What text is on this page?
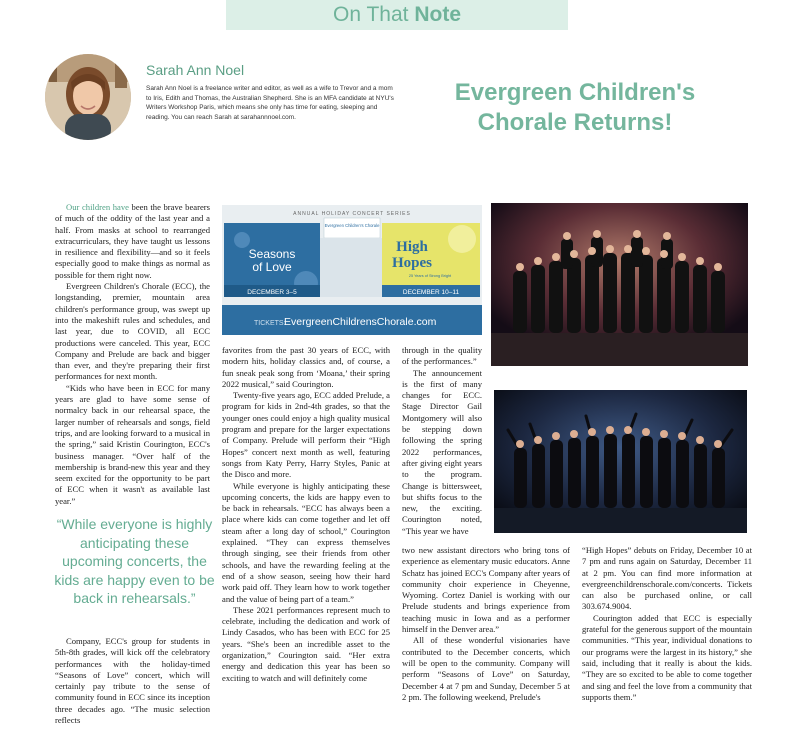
On That Note
Sarah Ann Noel
Sarah Ann Noel is a freelance writer and editor, as well as a wife to Trevor and a mom to Iris, Edith and Thomas, the Australian Shepherd. She is an MFA candidate at NYU's Writers Workshop Paris, which means she only has time for eating, sleeping and reading. You can reach Sarah at sarahannnoel.com.
Evergreen Children's Chorale Returns!

Our children have been the brave bearers of much of the oddity of the last year and a half. From masks at school to rearranged extracurriculars, they have taught us lessons in resilience and flexibility—and so it feels especially good to make things as normal as possible for them right now.

Evergreen Children's Chorale (ECC), the longstanding, premier, mountain area children's performance group, was swept up into the makeshift rules and schedules, and last year, due to COVID, all ECC productions were canceled. This year, ECC Company and Prelude are back and bigger than ever, and they're preparing their first performances for next month.

“Kids who have been in ECC for many years are glad to have some sense of normalcy back in our rehearsal space, the larger number of rehearsals and songs, field trips, and are looking forward to a musical in the spring,” said Kristin Courington, ECC's business manager. “Over half of the membership is brand-new this year and they seem excited for the opportunity to be part of ECC when it wasn't as available last year.”

“While everyone is highly anticipating these upcoming concerts, the kids are happy even to be back in rehearsals.”

Company, ECC's group for students in 5th-8th grades, will kick off the celebratory performances with the holiday-timed “Seasons of Love” concert, which will certainly pay tribute to the sense of community found in ECC since its inception three decades ago. “The music selection reflects

ANNUAL HOLIDAY CONCERT SERIES
Evergreen Children's Chorale
Seasons
of Love
DECEMBER 3–5
High
Hopes
25 Years of Strong Bright
DECEMBER 10–11
TICKETS:
EvergreenChildrensChorale.com

favorites from the past 30 years of ECC, with modern hits, holiday classics and, of course, a fun sneak peak song from ‘Moana,’ their spring 2022 musical,” said Courington.

Twenty-five years ago, ECC added Prelude, a program for kids in 2nd-4th grades, so that the younger ones could enjoy a high quality musical program and prepare for the larger expectations of Company. Prelude will perform their “High Hopes” concert next month as well, featuring songs from Katy Perry, Harry Styles, Panic at the Disco and more.

While everyone is highly anticipating these upcoming concerts, the kids are happy even to be back in rehearsals. “ECC has always been a place where kids can come together and let off steam after a long day of school,” Courington explained. “They can express themselves through singing, see their friends from other schools, and have the rewarding feeling at the end of a show season, seeing how their hard work paid off. They learn how to work together and the value of being part of a team.”

These 2021 performances represent much to celebrate, including the dedication and work of Lindy Casados, who has been with ECC for 25 years. “She's been an incredible asset to the organization,” Courington said. “Her extra energy and dedication this year has been so exciting to watch and will definitely come

through in the quality of the performances.”

The announcement is the first of many changes for ECC. Stage Director Gail Montgomery will also be stepping down following the spring 2022 performances, after giving eight years to the program. Change is bittersweet, but shifts focus to the new, the exciting. Courington noted, “This year we have

two new assistant directors who bring tons of experience as elementary music educators. Anne Schatz has joined ECC's Company after years of community choir experience in Cheyenne, Wyoming. Cortez Daniel is working with our Prelude students and brings experience from teaching music in Iowa and as a performer himself in the Denver area.”

All of these wonderful visionaries have contributed to the December concerts, which will be open to the community. Company will perform “Seasons of Love” on Saturday, December 4 at 7 pm and Sunday, December 5 at 2 pm. The following weekend, Prelude's

“High Hopes” debuts on Friday, December 10 at 7 pm and runs again on Saturday, December 11 at 2 pm. You can find more information at evergreenchildrenschorale.com/concerts. Tickets can also be purchased online, or call 303.674.9004.

Courington added that ECC is especially grateful for the generous support of the mountain communities. “This year, individual donations to our programs were the largest in its history,” she said, including that it really is about the kids. “They are so excited to be able to come together and sing and feel the love from a community that supports them.”
